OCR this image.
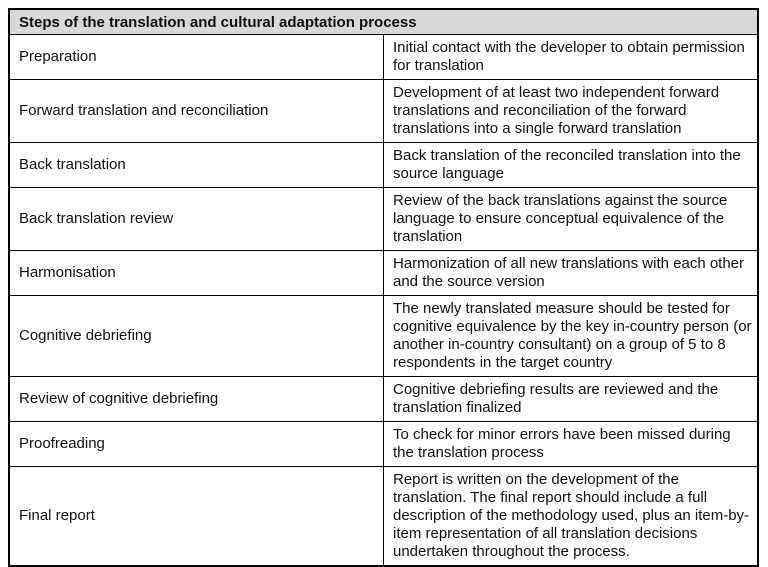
Steps of the translation and cultural adaptation process	
Preparation	Initial contact with the developer to obtain permission for translation
Forward translation and reconciliation	Development of at least two independent forward translations and reconciliation of the forward translations into a single forward translation
Back translation	Back translation of the reconciled translation into the source language
Back translation review	Review of the back translations against the source language to ensure conceptual equivalence of the translation
Harmonisation	Harmonization of all new translations with each other and the source version
Cognitive debriefing	The newly translated measure should be tested for cognitive equivalence by the key in-country person (or another in-country consultant) on a group of 5 to 8 respondents in the target country
Review of cognitive debriefing	Cognitive debriefing results are reviewed and the translation finalized
Proofreading	To check for minor errors have been missed during the translation process
Final report	Report is written on the development of the translation. The final report should include a full description of the methodology used, plus an item-by-item representation of all translation decisions undertaken throughout the process.
